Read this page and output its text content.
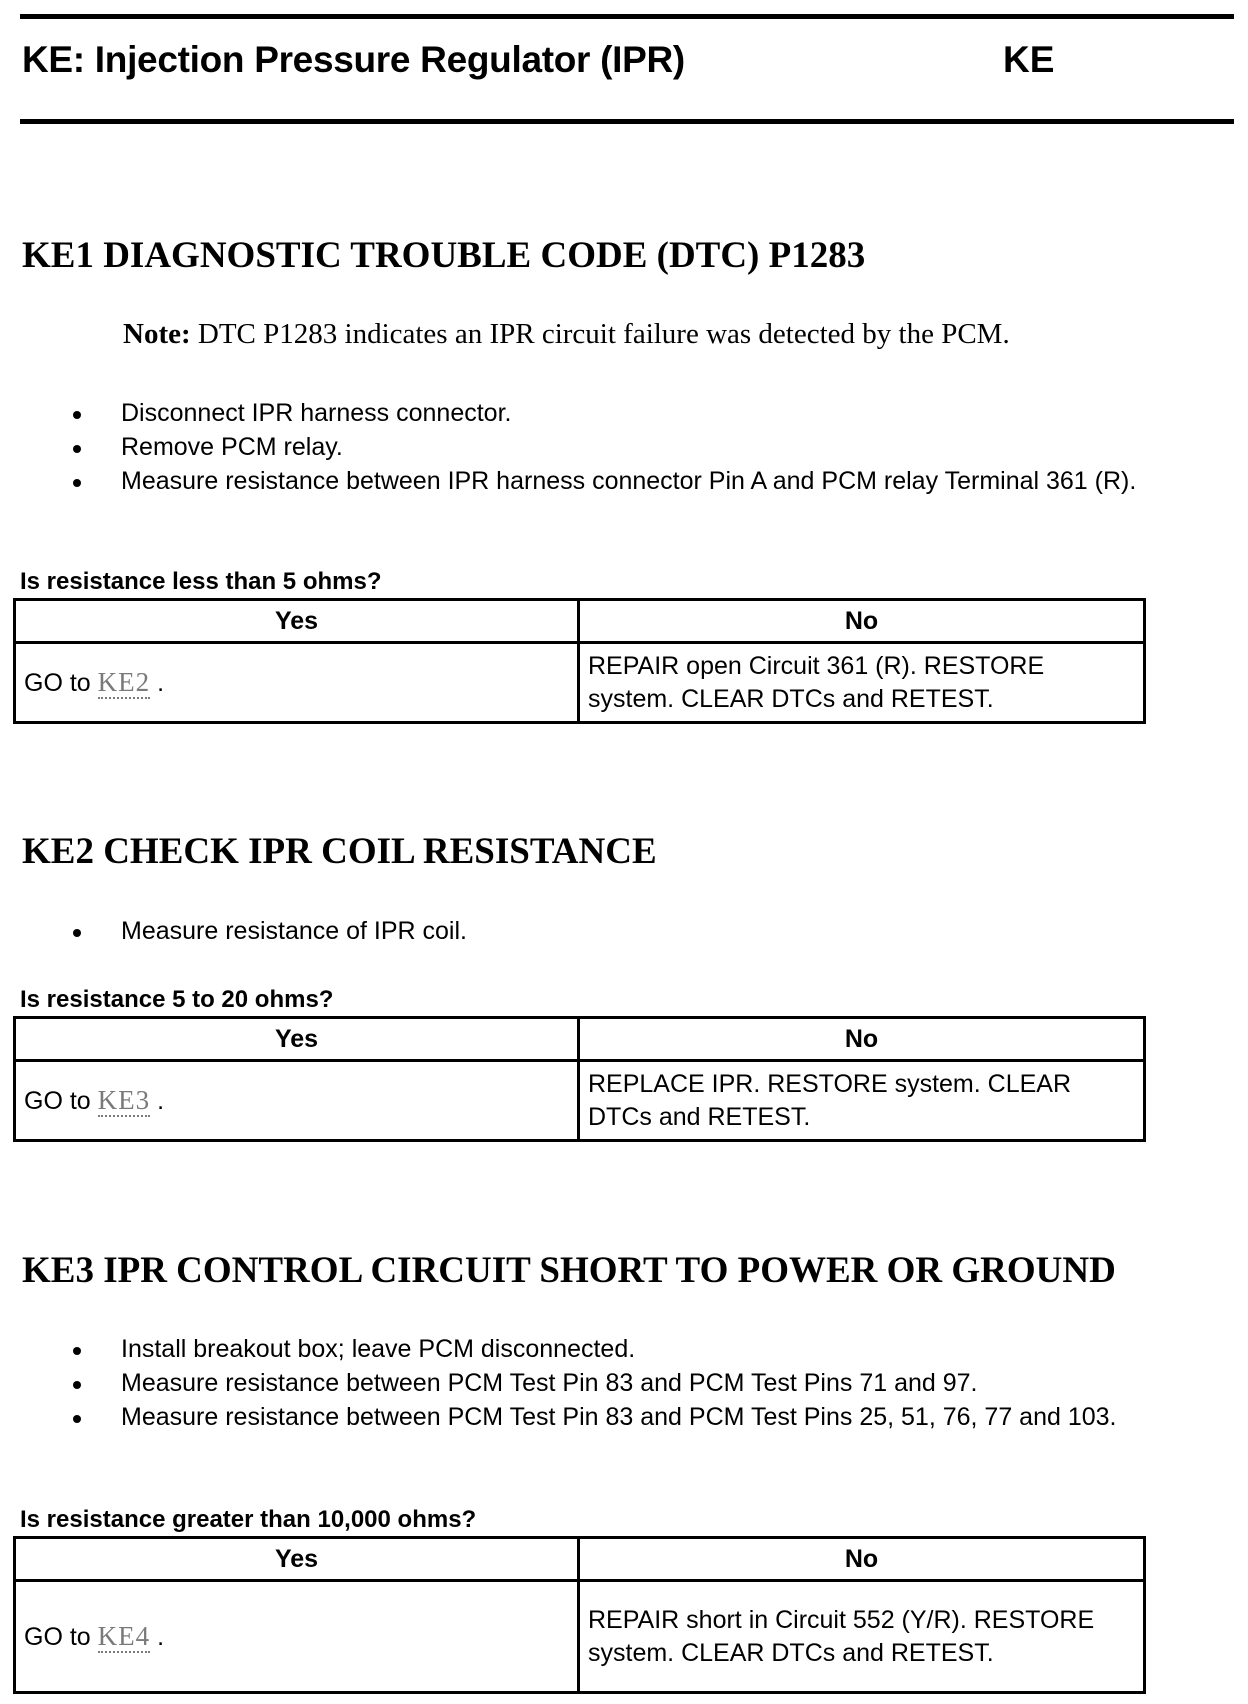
KE: Injection Pressure Regulator (IPR)	KE
KE1 DIAGNOSTIC TROUBLE CODE (DTC) P1283
Note: DTC P1283 indicates an IPR circuit failure was detected by the PCM.
Disconnect IPR harness connector.
Remove PCM relay.
Measure resistance between IPR harness connector Pin A and PCM relay Terminal 361 (R).
Is resistance less than 5 ohms?
Yes	No
GO to KE2 .	REPAIR open Circuit 361 (R). RESTORE system. CLEAR DTCs and RETEST.
KE2 CHECK IPR COIL RESISTANCE
Measure resistance of IPR coil.
Is resistance 5 to 20 ohms?
Yes	No
GO to KE3 .	REPLACE IPR. RESTORE system. CLEAR DTCs and RETEST.
KE3 IPR CONTROL CIRCUIT SHORT TO POWER OR GROUND
Install breakout box; leave PCM disconnected.
Measure resistance between PCM Test Pin 83 and PCM Test Pins 71 and 97.
Measure resistance between PCM Test Pin 83 and PCM Test Pins 25, 51, 76, 77 and 103.
Is resistance greater than 10,000 ohms?
Yes	No
GO to KE4 .	REPAIR short in Circuit 552 (Y/R). RESTORE system. CLEAR DTCs and RETEST.
